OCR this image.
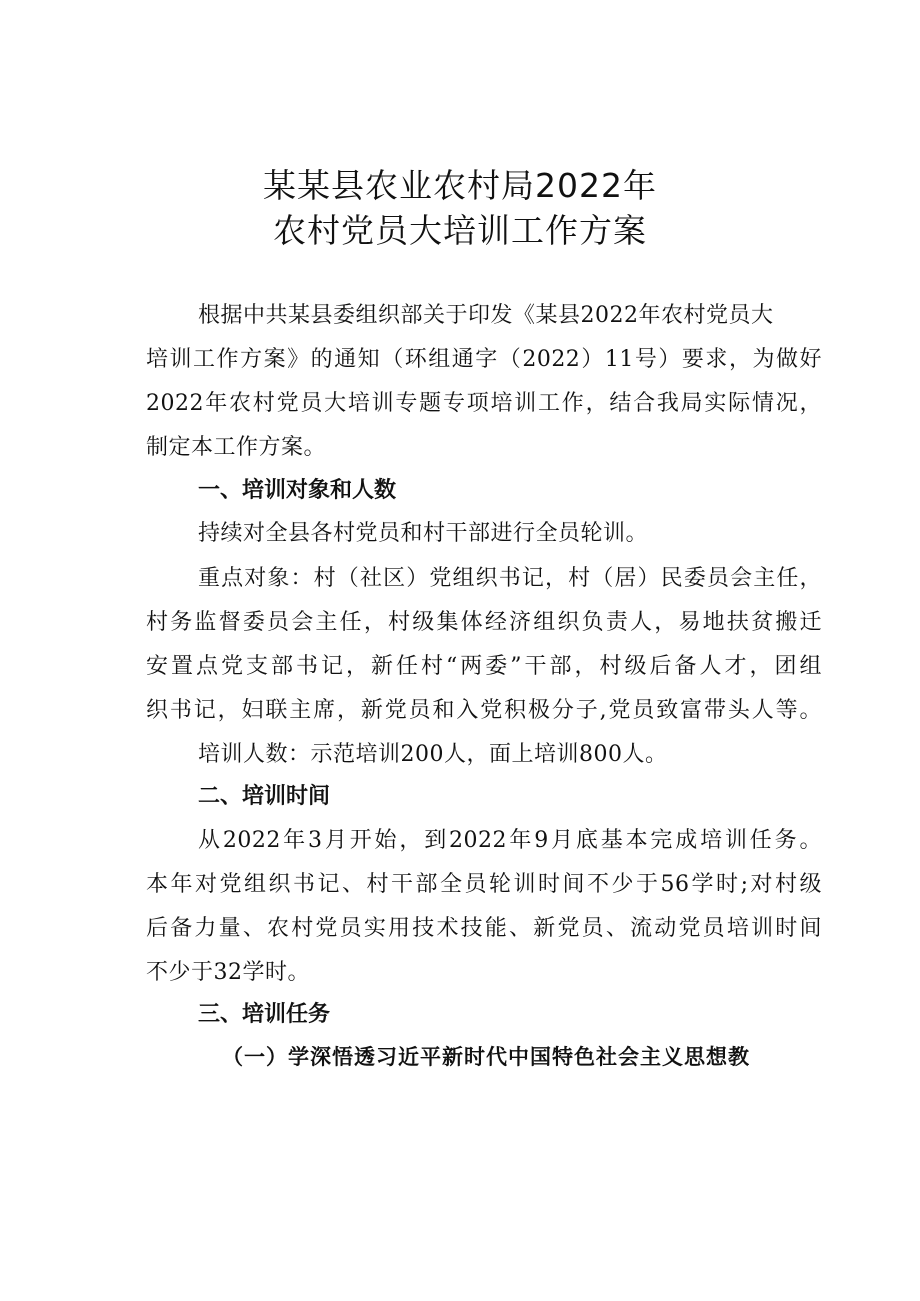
某某县农业农村局2022年
农村党员大培训工作方案
根据中共某县委组织部关于印发《某县2022年农村党员大
培训工作方案》的通知（环组通字（2022）11号）要求，为做好
2022年农村党员大培训专题专项培训工作，结合我局实际情况，
制定本工作方案。
一、培训对象和人数
持续对全县各村党员和村干部进行全员轮训。
重点对象：村（社区）党组织书记，村（居）民委员会主任，
村务监督委员会主任，村级集体经济组织负责人，易地扶贫搬迁
安置点党支部书记，新任村“两委”干部，村级后备人才，团组
织书记，妇联主席，新党员和入党积极分子,党员致富带头人等。
培训人数：示范培训200人，面上培训800人。
二、培训时间
从2022年3月开始，到2022年9月底基本完成培训任务。
本年对党组织书记、村干部全员轮训时间不少于56学时;对村级
后备力量、农村党员实用技术技能、新党员、流动党员培训时间
不少于32学时。
三、培训任务
（一）学深悟透习近平新时代中国特色社会主义思想教
